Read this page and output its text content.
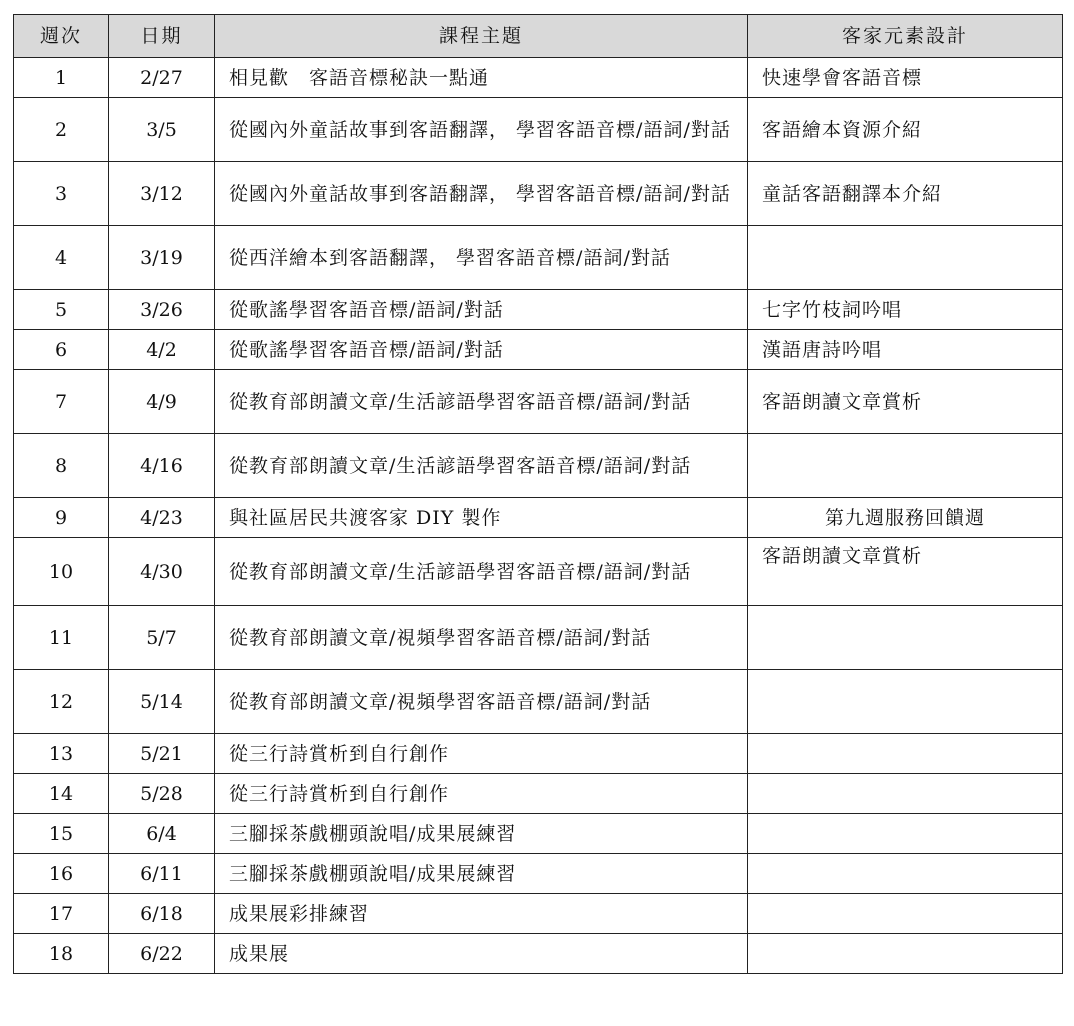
週次	日期	課程主題	客家元素設計
1	2/27	相見歡　客語音標秘訣一點通	快速學會客語音標
2	3/5	從國內外童話故事到客語翻譯， 學習客語音標/語詞/對話	客語繪本資源介紹
3	3/12	從國內外童話故事到客語翻譯， 學習客語音標/語詞/對話	童話客語翻譯本介紹
4	3/19	從西洋繪本到客語翻譯， 學習客語音標/語詞/對話	
5	3/26	從歌謠學習客語音標/語詞/對話	七字竹枝詞吟唱
6	4/2	從歌謠學習客語音標/語詞/對話	漢語唐詩吟唱
7	4/9	從教育部朗讀文章/生活諺語學習客語音標/語詞/對話	客語朗讀文章賞析
8	4/16	從教育部朗讀文章/生活諺語學習客語音標/語詞/對話	
9	4/23	與社區居民共渡客家 DIY 製作	第九週服務回饋週
10	4/30	從教育部朗讀文章/生活諺語學習客語音標/語詞/對話	客語朗讀文章賞析
11	5/7	從教育部朗讀文章/視頻學習客語音標/語詞/對話	
12	5/14	從教育部朗讀文章/視頻學習客語音標/語詞/對話	
13	5/21	從三行詩賞析到自行創作	
14	5/28	從三行詩賞析到自行創作	
15	6/4	三腳採茶戲棚頭說唱/成果展練習	
16	6/11	三腳採茶戲棚頭說唱/成果展練習	
17	6/18	成果展彩排練習	
18	6/22	成果展	
